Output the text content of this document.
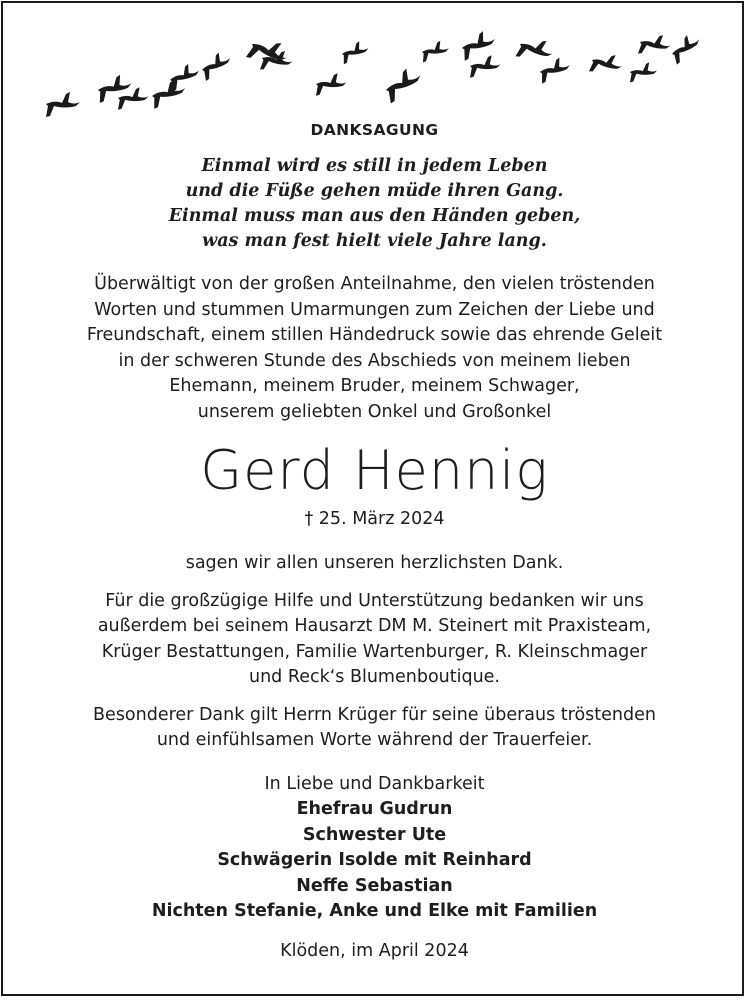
DANKSAGUNG
Einmal wird es still in jedem Leben
und die Füße gehen müde ihren Gang.
Einmal muss man aus den Händen geben,
was man fest hielt viele Jahre lang.
Überwältigt von der großen Anteilnahme, den vielen tröstenden
Worten und stummen Umarmungen zum Zeichen der Liebe und
Freundschaft, einem stillen Händedruck sowie das ehrende Geleit
in der schweren Stunde des Abschieds von meinem lieben
Ehemann, meinem Bruder, meinem Schwager,
unserem geliebten Onkel und Großonkel
Gerd Hennig
† 25. März 2024
sagen wir allen unseren herzlichsten Dank.
Für die großzügige Hilfe und Unterstützung bedanken wir uns
außerdem bei seinem Hausarzt DM M. Steinert mit Praxisteam,
Krüger Bestattungen, Familie Wartenburger, R. Kleinschmager
und Reck‘s Blumenboutique.
Besonderer Dank gilt Herrn Krüger für seine überaus tröstenden
und einfühlsamen Worte während der Trauerfeier.
In Liebe und Dankbarkeit
Ehefrau Gudrun
Schwester Ute
Schwägerin Isolde mit Reinhard
Neffe Sebastian
Nichten Stefanie, Anke und Elke mit Familien
Klöden, im April 2024
